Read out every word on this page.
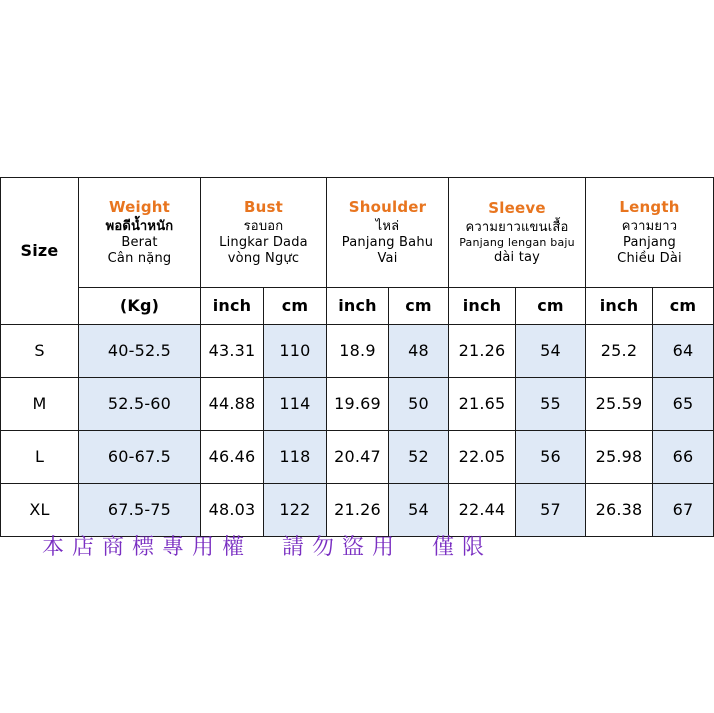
Size	Weight
พอดีน้ำหนัก
Berat
Cân nặng	Bust
รอบอก
Lingkar Dada
vòng Ngực		Shoulder
ไหล่
Panjang Bahu
Vai		Sleeve
ความยาวแขนเสื้อ
Panjang lengan baju
dài tay		Length
ความยาว
Panjang
Chiều Dài	

	(Kg)	inch	cm	inch	cm	inch	cm	inch	cm
S	40-52.5	43.31	110	18.9	48	21.26	54	25.2	64
M	52.5-60	44.88	114	19.69	50	21.65	55	25.59	65
L	60-67.5	46.46	118	20.47	52	22.05	56	25.98	66
XL	67.5-75	48.03	122	21.26	54	22.44	57	26.38	67
本店商標專用權　請勿盜用　僅限
